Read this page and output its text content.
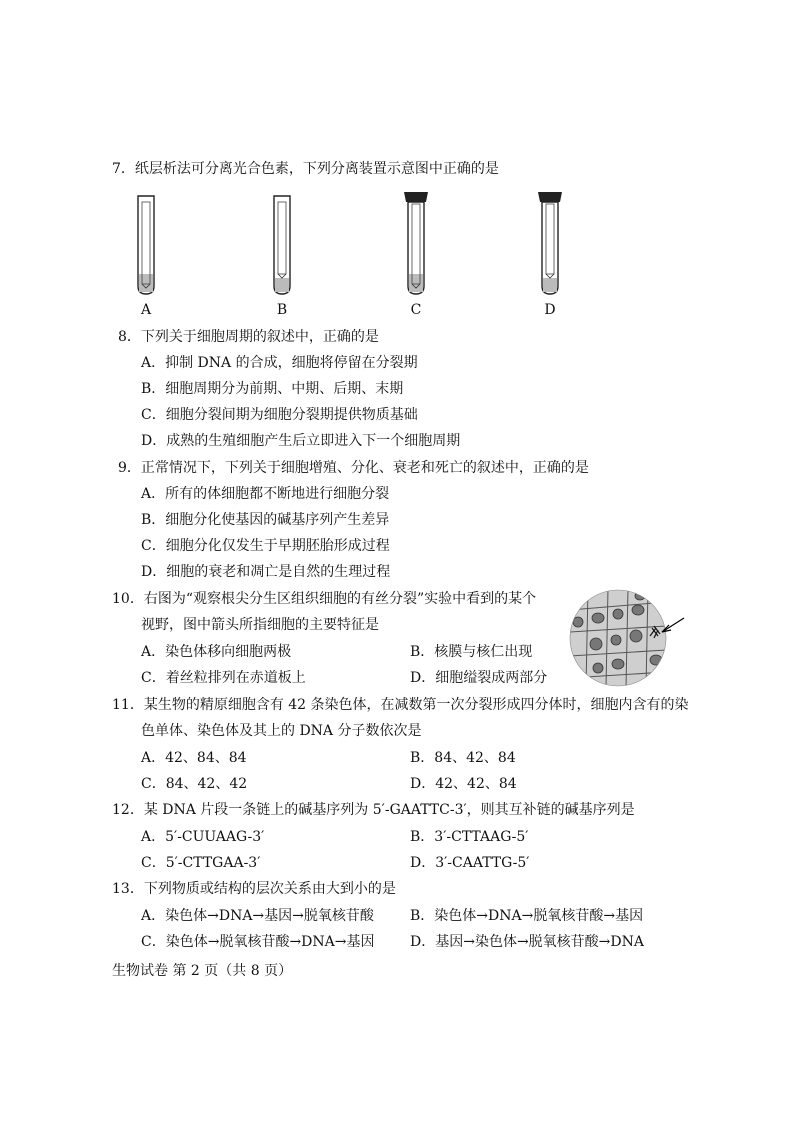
7．纸层析法可分离光合色素，下列分离装置示意图中正确的是
A	B	C	D
8．下列关于细胞周期的叙述中，正确的是
A．抑制 DNA 的合成，细胞将停留在分裂期
B．细胞周期分为前期、中期、后期、末期
C．细胞分裂间期为细胞分裂期提供物质基础
D．成熟的生殖细胞产生后立即进入下一个细胞周期
9．正常情况下，下列关于细胞增殖、分化、衰老和死亡的叙述中，正确的是
A．所有的体细胞都不断地进行细胞分裂
B．细胞分化使基因的碱基序列产生差异
C．细胞分化仅发生于早期胚胎形成过程
D．细胞的衰老和凋亡是自然的生理过程
10．右图为“观察根尖分生区组织细胞的有丝分裂”实验中看到的某个
视野，图中箭头所指细胞的主要特征是
A．染色体移向细胞两极	B．核膜与核仁出现
C．着丝粒排列在赤道板上	D．细胞缢裂成两部分
11．某生物的精原细胞含有 42 条染色体，在减数第一次分裂形成四分体时，细胞内含有的染
色单体、染色体及其上的 DNA 分子数依次是
A．42、84、84	B．84、42、84
C．84、42、42	D．42、42、84
12．某 DNA 片段一条链上的碱基序列为 5′-GAATTC-3′，则其互补链的碱基序列是
A．5′-CUUAAG-3′	B．3′-CTTAAG-5′
C．5′-CTTGAA-3′	D．3′-CAATTG-5′
13．下列物质或结构的层次关系由大到小的是
A．染色体→DNA→基因→脱氧核苷酸	B．染色体→DNA→脱氧核苷酸→基因
C．染色体→脱氧核苷酸→DNA→基因	D．基因→染色体→脱氧核苷酸→DNA
生物试卷 第 2 页（共 8 页）
